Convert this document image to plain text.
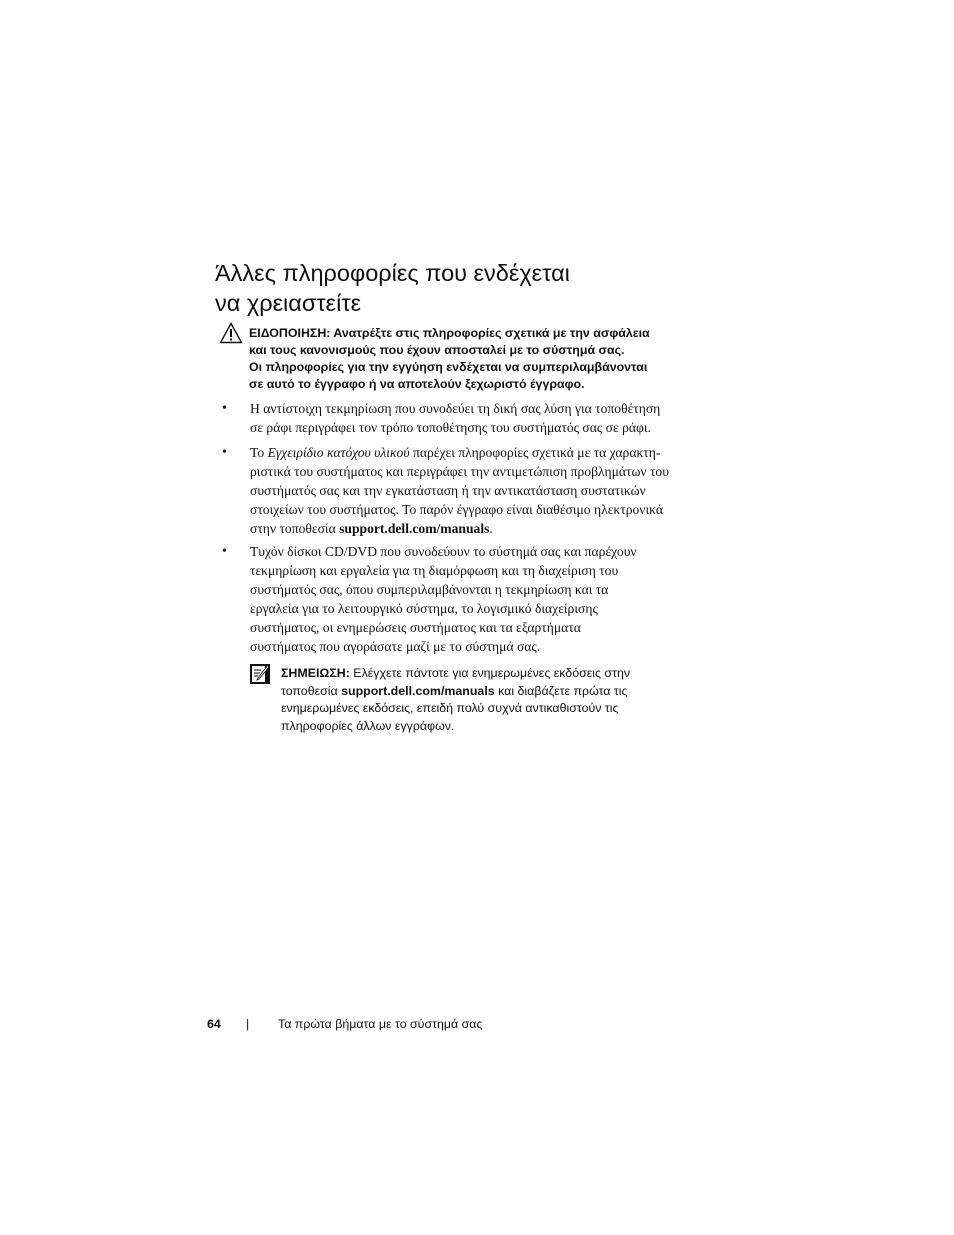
Άλλες πληροφορίες που ενδέχεται
να χρειαστείτε
ΕΙΔΟΠΟΙΗΣΗ: Ανατρέξτε στις πληροφορίες σχετικά με την ασφάλεια
και τους κανονισμούς που έχουν αποσταλεί με το σύστημά σας.
Οι πληροφορίες για την εγγύηση ενδέχεται να συμπεριλαμβάνονται
σε αυτό το έγγραφο ή να αποτελούν ξεχωριστό έγγραφο.
• Η αντίστοιχη τεκμηρίωση που συνοδεύει τη δική σας λύση για τοποθέτηση
σε ράφι περιγράφει τον τρόπο τοποθέτησης του συστήματός σας σε ράφι.
• Το Εγχειρίδιο κατόχου υλικού παρέχει πληροφορίες σχετικά με τα χαρακτη-
ριστικά του συστήματος και περιγράφει την αντιμετώπιση προβλημάτων του
συστήματός σας και την εγκατάσταση ή την αντικατάσταση συστατικών
στοιχείων του συστήματος. Το παρόν έγγραφο είναι διαθέσιμο ηλεκτρονικά
στην τοποθεσία support.dell.com/manuals.
• Τυχόν δίσκοι CD/DVD που συνοδεύουν το σύστημά σας και παρέχουν
τεκμηρίωση και εργαλεία για τη διαμόρφωση και τη διαχείριση του
συστήματός σας, όπου συμπεριλαμβάνονται η τεκμηρίωση και τα
εργαλεία για το λειτουργικό σύστημα, το λογισμικό διαχείρισης
συστήματος, οι ενημερώσεις συστήματος και τα εξαρτήματα
συστήματος που αγοράσατε μαζί με το σύστημά σας.
ΣΗΜΕΙΩΣΗ: Ελέγχετε πάντοτε για ενημερωμένες εκδόσεις στην
τοποθεσία support.dell.com/manuals και διαβάζετε πρώτα τις
ενημερωμένες εκδόσεις, επειδή πολύ συχνά αντικαθιστούν τις
πληροφορίες άλλων εγγράφων.
64 | Τα πρώτα βήματα με το σύστημά σας
